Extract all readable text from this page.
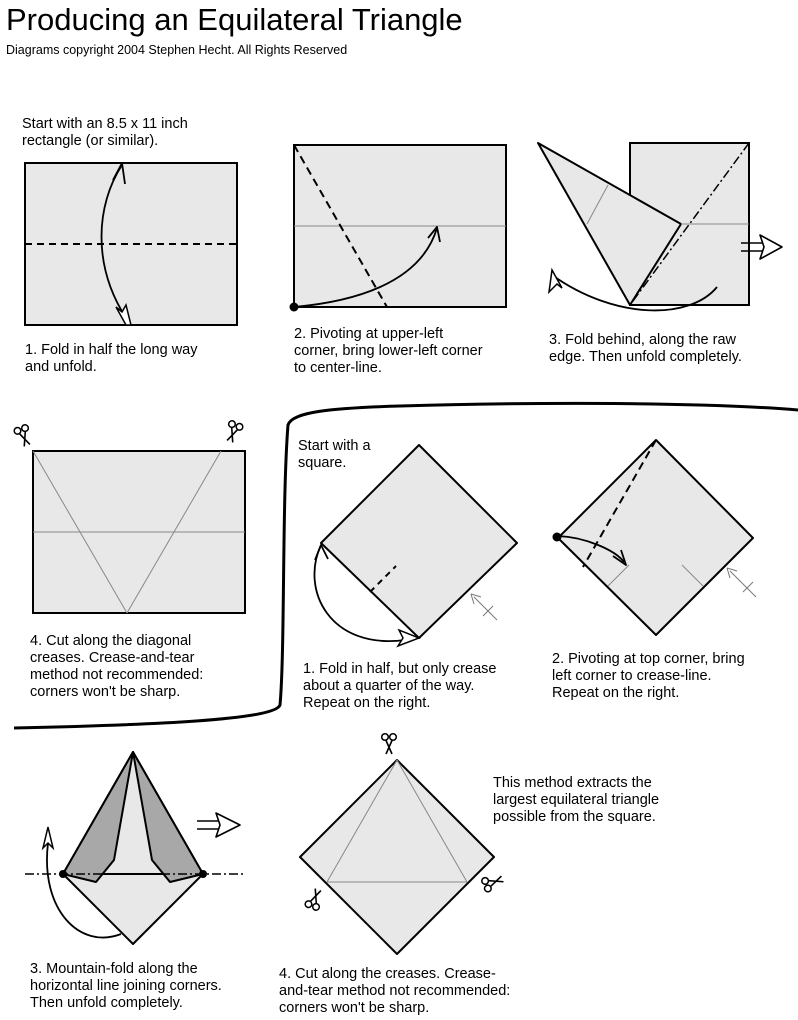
Producing an Equilateral Triangle

Diagrams copyright 2004 Stephen Hecht. All Rights Reserved

Start with an 8.5 x 11 inch
rectangle (or similar).
1. Fold in half the long way
and unfold.
2. Pivoting at upper-left
corner, bring lower-left corner
to center-line.
3. Fold behind, along the raw
edge. Then unfold completely.
4. Cut along the diagonal
creases. Crease-and-tear
method not recommended:
corners won't be sharp.
Start with a
square.
1. Fold in half, but only crease
about a quarter of the way.
Repeat on the right.
2. Pivoting at top corner, bring
left corner to crease-line.
Repeat on the right.
3. Mountain-fold along the
horizontal line joining corners.
Then unfold completely.
4. Cut along the creases. Crease-
and-tear method not recommended:
corners won't be sharp.
This method extracts the
largest equilateral triangle
possible from the square.
